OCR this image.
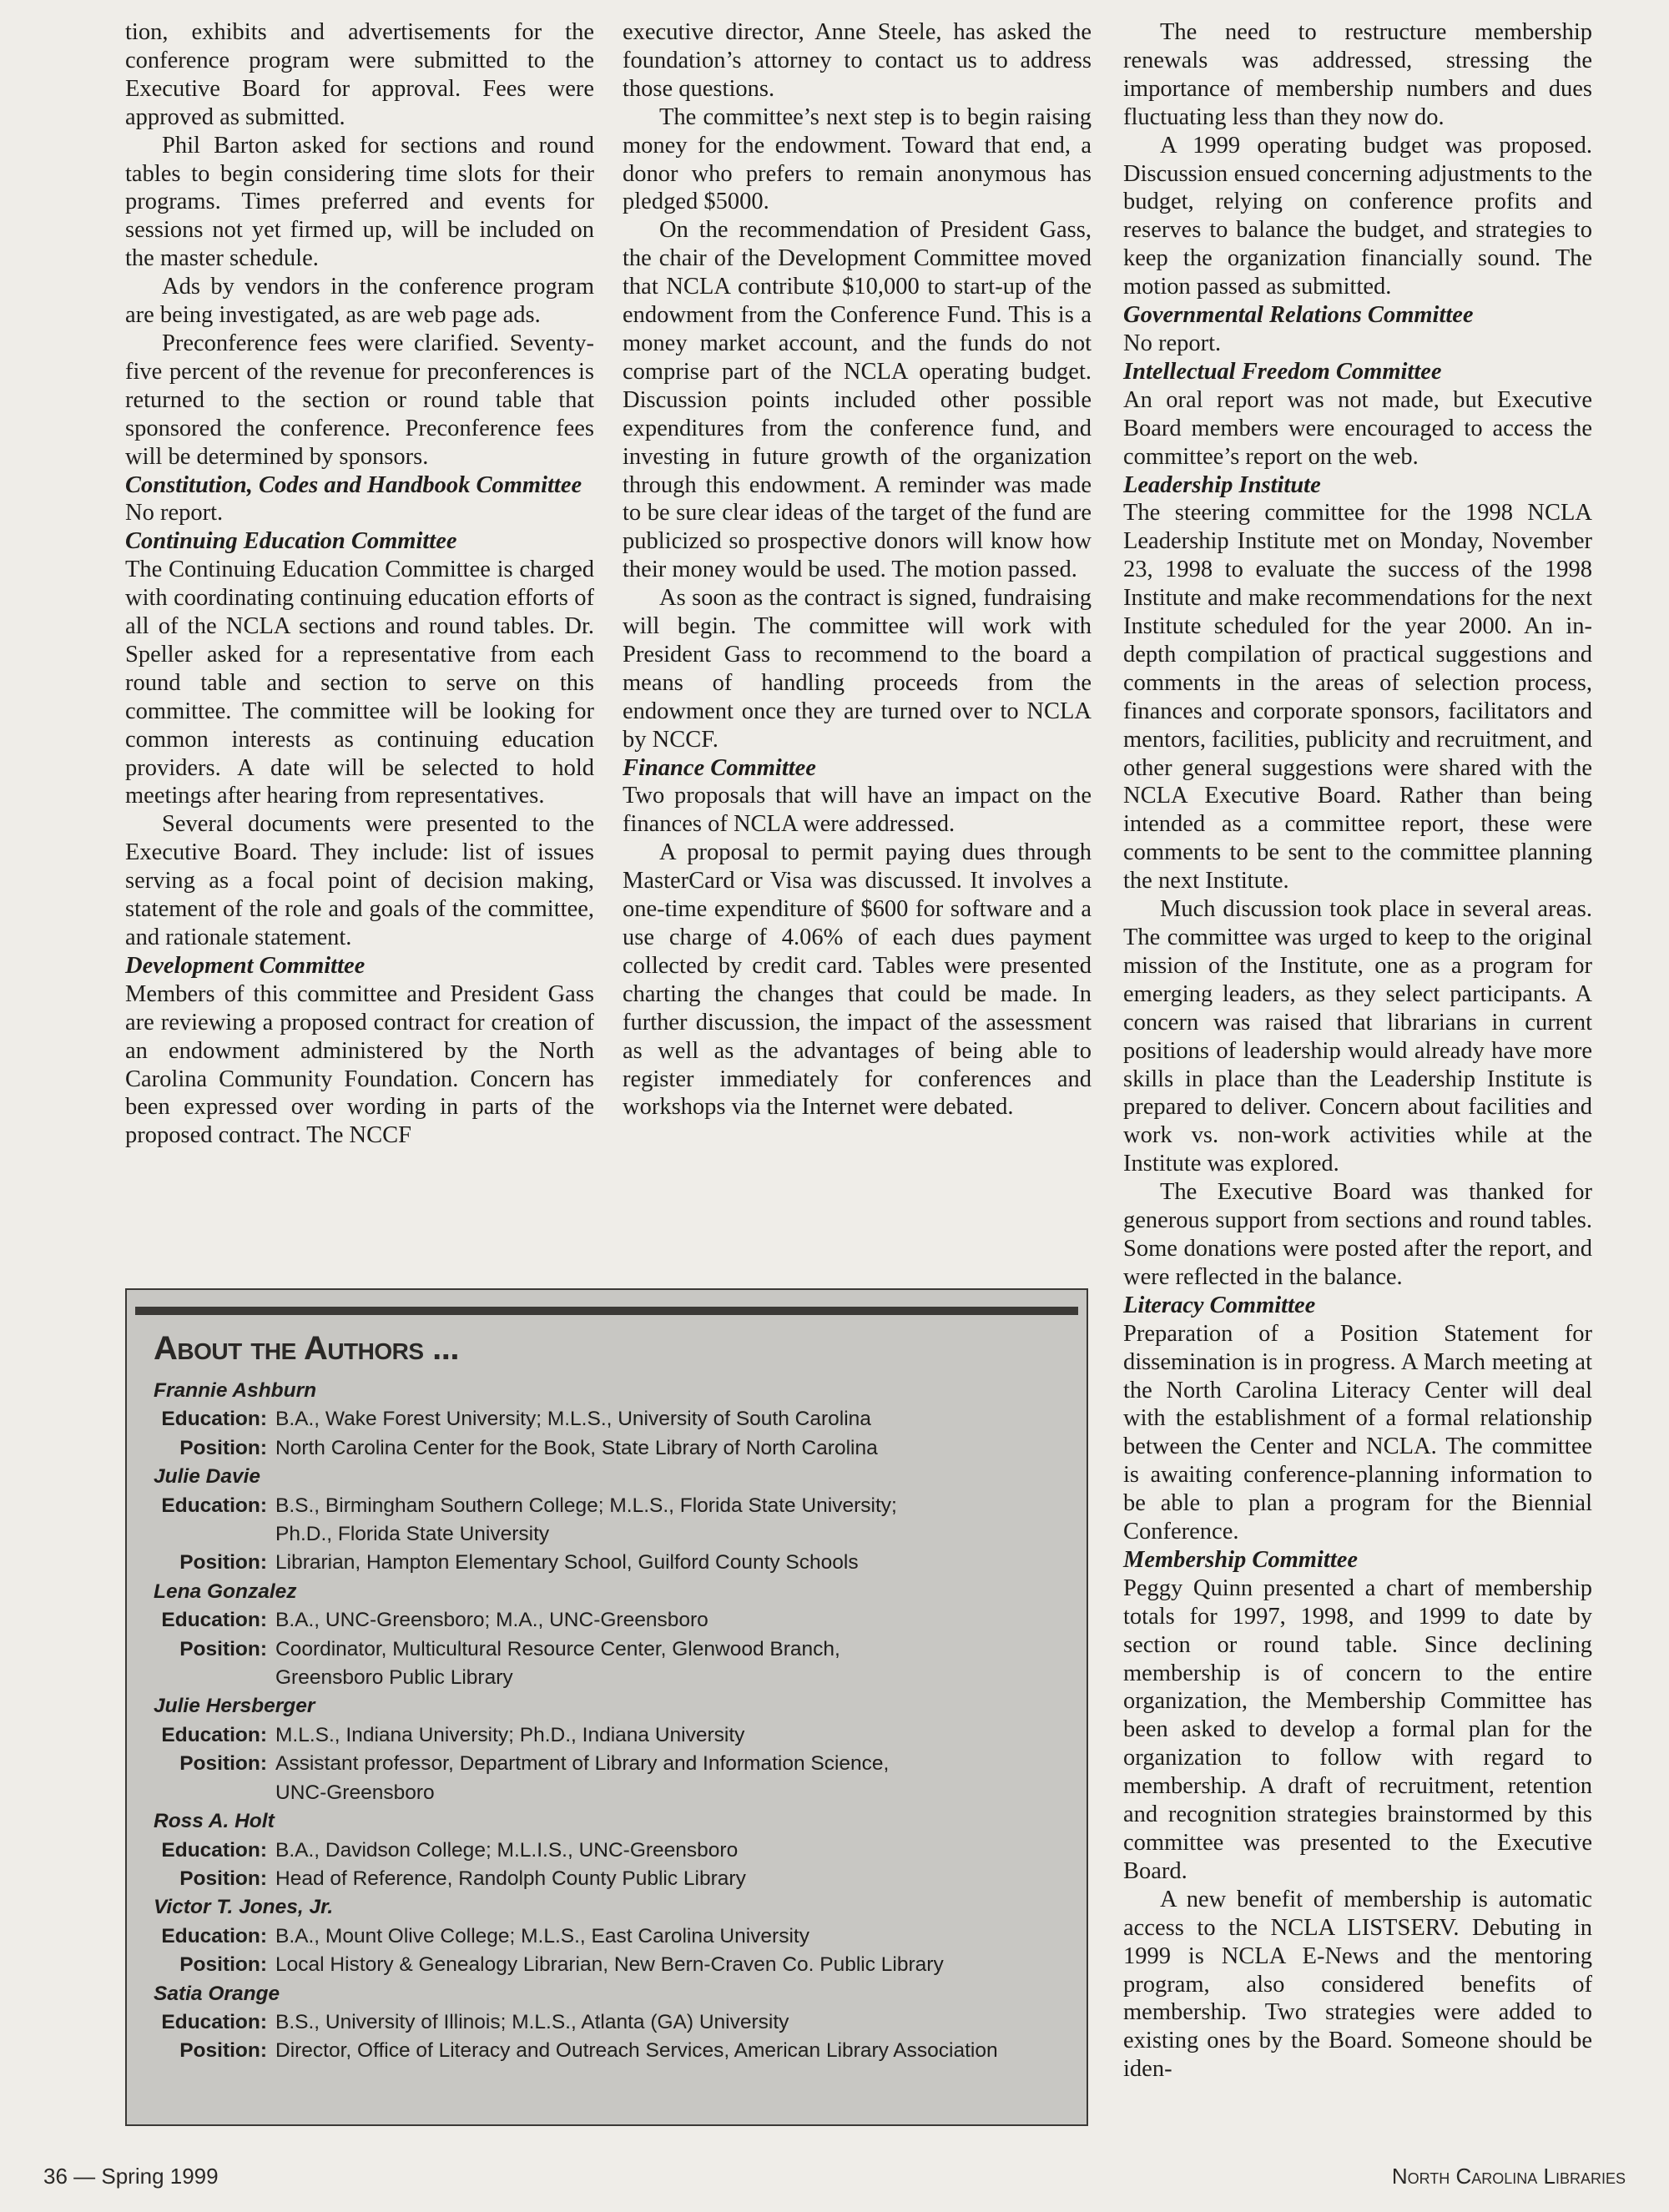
tion, exhibits and advertisements for the conference program were submitted to the Executive Board for approval. Fees were approved as submitted.

Phil Barton asked for sections and round tables to begin considering time slots for their programs. Times preferred and events for sessions not yet firmed up, will be included on the master schedule.

Ads by vendors in the conference program are being investigated, as are web page ads.

Preconference fees were clarified. Seventy-five percent of the revenue for preconferences is returned to the section or round table that sponsored the conference. Preconference fees will be determined by sponsors.

Constitution, Codes and Handbook Committee

No report.

Continuing Education Committee

The Continuing Education Committee is charged with coordinating continuing education efforts of all of the NCLA sections and round tables. Dr. Speller asked for a representative from each round table and section to serve on this committee. The committee will be looking for common interests as continuing education providers. A date will be selected to hold meetings after hearing from representatives.

Several documents were presented to the Executive Board. They include: list of issues serving as a focal point of decision making, statement of the role and goals of the committee, and rationale statement.

Development Committee

Members of this committee and President Gass are reviewing a proposed contract for creation of an endowment administered by the North Carolina Community Foundation. Concern has been expressed over wording in parts of the proposed contract. The NCCF

executive director, Anne Steele, has asked the foundation’s attorney to contact us to address those questions.

The committee’s next step is to begin raising money for the endowment. Toward that end, a donor who prefers to remain anonymous has pledged $5000.

On the recommendation of President Gass, the chair of the Development Committee moved that NCLA contribute $10,000 to start-up of the endowment from the Conference Fund. This is a money market account, and the funds do not comprise part of the NCLA operating budget. Discussion points included other possible expenditures from the conference fund, and investing in future growth of the organization through this endowment. A reminder was made to be sure clear ideas of the target of the fund are publicized so prospective donors will know how their money would be used. The motion passed.

As soon as the contract is signed, fundraising will begin. The committee will work with President Gass to recommend to the board a means of handling proceeds from the endowment once they are turned over to NCLA by NCCF.

Finance Committee

Two proposals that will have an impact on the finances of NCLA were addressed.

A proposal to permit paying dues through MasterCard or Visa was discussed. It involves a one-time expenditure of $600 for software and a use charge of 4.06% of each dues payment collected by credit card. Tables were presented charting the changes that could be made. In further discussion, the impact of the assessment as well as the advantages of being able to register immediately for conferences and workshops via the Internet were debated.

The need to restructure membership renewals was addressed, stressing the importance of membership numbers and dues fluctuating less than they now do.

A 1999 operating budget was proposed. Discussion ensued concerning adjustments to the budget, relying on conference profits and reserves to balance the budget, and strategies to keep the organization financially sound. The motion passed as submitted.

Governmental Relations Committee

No report.

Intellectual Freedom Committee

An oral report was not made, but Executive Board members were encouraged to access the committee’s report on the web.

Leadership Institute

The steering committee for the 1998 NCLA Leadership Institute met on Monday, November 23, 1998 to evaluate the success of the 1998 Institute and make recommendations for the next Institute scheduled for the year 2000. An in-depth compilation of practical suggestions and comments in the areas of selection process, finances and corporate sponsors, facilitators and mentors, facilities, publicity and recruitment, and other general suggestions were shared with the NCLA Executive Board. Rather than being intended as a committee report, these were comments to be sent to the committee planning the next Institute.

Much discussion took place in several areas. The committee was urged to keep to the original mission of the Institute, one as a program for emerging leaders, as they select participants. A concern was raised that librarians in current positions of leadership would already have more skills in place than the Leadership Institute is prepared to deliver. Concern about facilities and work vs. non-work activities while at the Institute was explored.

The Executive Board was thanked for generous support from sections and round tables. Some donations were posted after the report, and were reflected in the balance.

Literacy Committee

Preparation of a Position Statement for dissemination is in progress. A March meeting at the North Carolina Literacy Center will deal with the establishment of a formal relationship between the Center and NCLA. The committee is awaiting conference-planning information to be able to plan a program for the Biennial Conference.

Membership Committee

Peggy Quinn presented a chart of membership totals for 1997, 1998, and 1999 to date by section or round table. Since declining membership is of concern to the entire organization, the Membership Committee has been asked to develop a formal plan for the organization to follow with regard to membership. A draft of recruitment, retention and recognition strategies brainstormed by this committee was presented to the Executive Board.

A new benefit of membership is automatic access to the NCLA LISTSERV. Debuting in 1999 is NCLA E-News and the mentoring program, also considered benefits of membership. Two strategies were added to existing ones by the Board. Someone should be iden-

About the Authors ...
Frannie Ashburn
Education: B.A., Wake Forest University; M.L.S., University of South Carolina
Position: North Carolina Center for the Book, State Library of North Carolina
Julie Davie
Education: B.S., Birmingham Southern College; M.L.S., Florida State University;
Ph.D., Florida State University
Position: Librarian, Hampton Elementary School, Guilford County Schools
Lena Gonzalez
Education: B.A., UNC-Greensboro; M.A., UNC-Greensboro
Position: Coordinator, Multicultural Resource Center, Glenwood Branch,
Greensboro Public Library
Julie Hersberger
Education: M.L.S., Indiana University; Ph.D., Indiana University
Position: Assistant professor, Department of Library and Information Science,
UNC-Greensboro
Ross A. Holt
Education: B.A., Davidson College; M.L.I.S., UNC-Greensboro
Position: Head of Reference, Randolph County Public Library
Victor T. Jones, Jr.
Education: B.A., Mount Olive College; M.L.S., East Carolina University
Position: Local History & Genealogy Librarian, New Bern-Craven Co. Public Library
Satia Orange
Education: B.S., University of Illinois; M.L.S., Atlanta (GA) University
Position: Director, Office of Literacy and Outreach Services, American Library Association
36 — Spring 1999	North Carolina Libraries
